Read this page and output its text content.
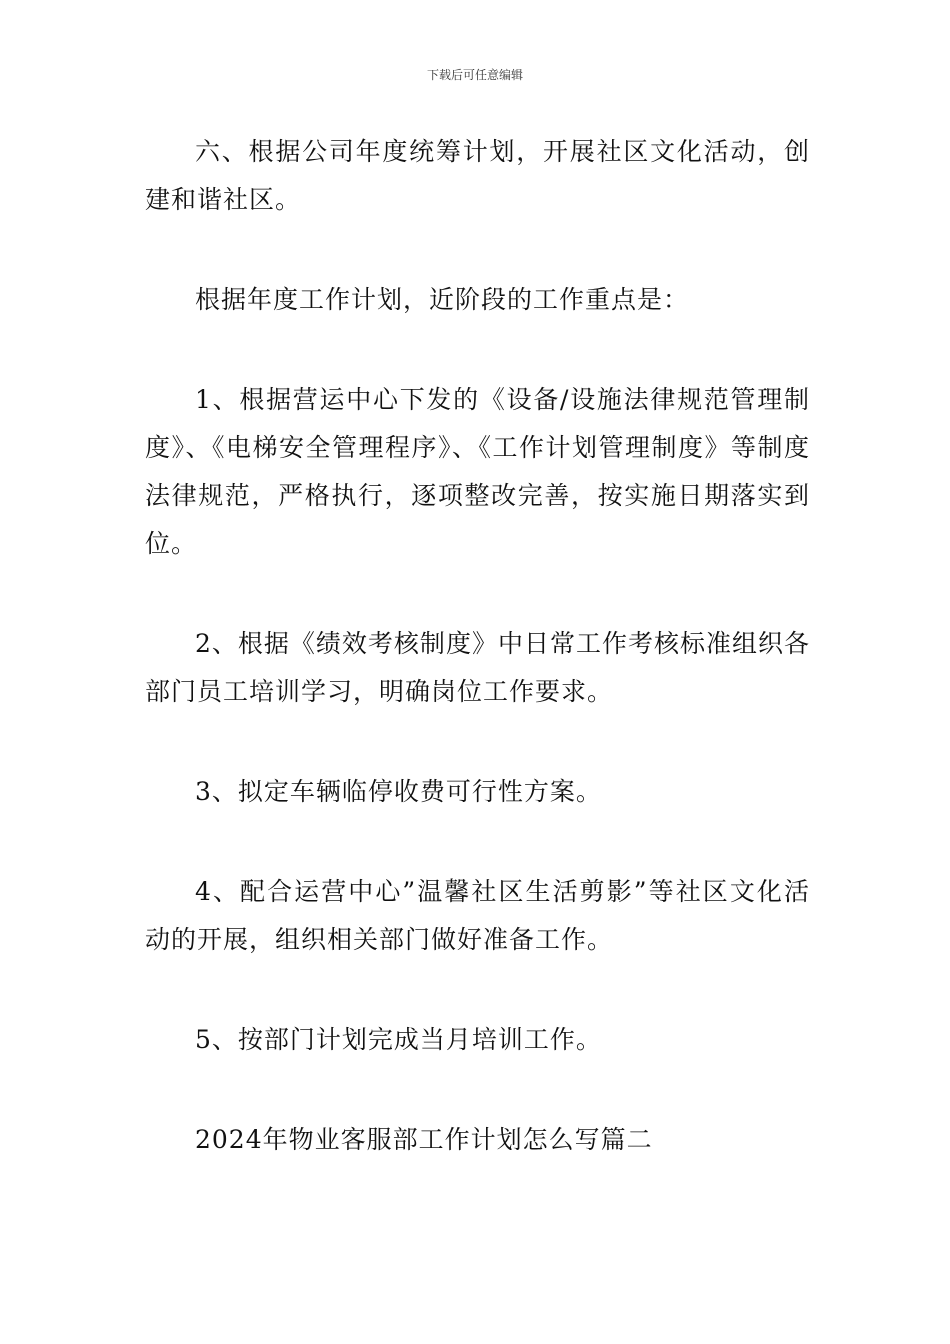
下载后可任意编辑

六、根据公司年度统筹计划，开展社区文化活动，创建和谐社区。

根据年度工作计划，近阶段的工作重点是：

1、根据营运中心下发的《设备/设施法律规范管理制度》、《电梯安全管理程序》、《工作计划管理制度》等制度法律规范，严格执行，逐项整改完善，按实施日期落实到位。

2、根据《绩效考核制度》中日常工作考核标准组织各部门员工培训学习，明确岗位工作要求。

3、拟定车辆临停收费可行性方案。

4、配合运营中心”温馨社区生活剪影”等社区文化活动的开展，组织相关部门做好准备工作。

5、按部门计划完成当月培训工作。

2024年物业客服部工作计划怎么写篇二
